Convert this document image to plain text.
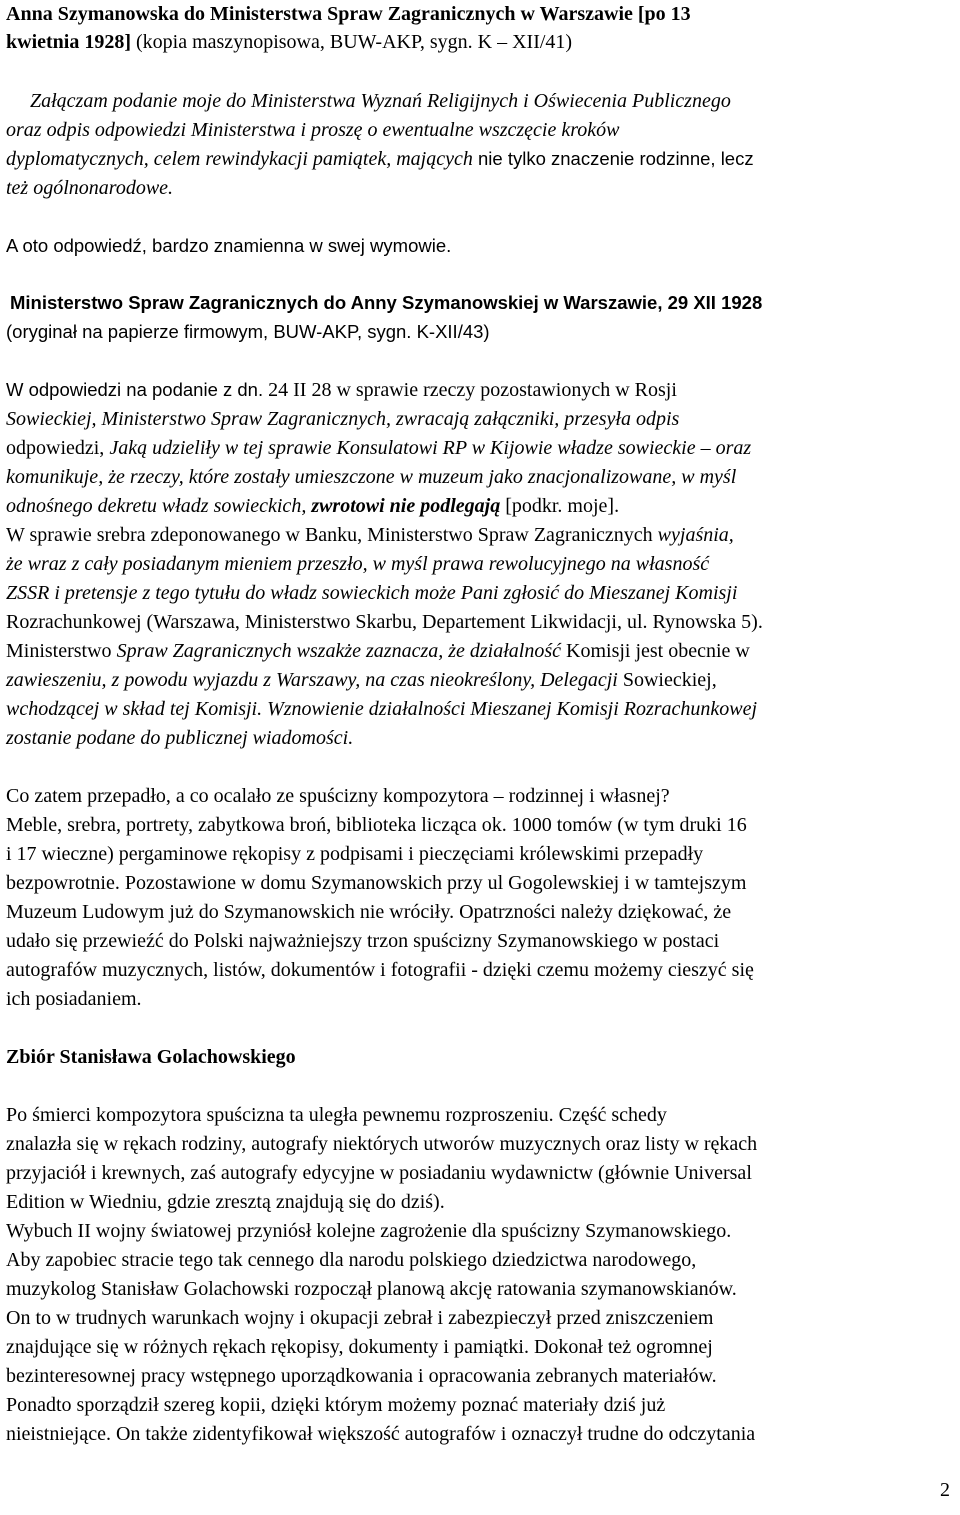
Anna Szymanowska do Ministerstwa Spraw Zagranicznych w Warszawie [po 13
kwietnia 1928] (kopia maszynopisowa, BUW-AKP, sygn. K – XII/41)
Załączam podanie moje do Ministerstwa Wyznań Religijnych i Oświecenia Publicznego
oraz odpis odpowiedzi Ministerstwa i proszę o ewentualne wszczęcie kroków
dyplomatycznych, celem rewindykacji pamiątek, mających nie tylko znaczenie rodzinne, lecz
też ogólnonarodowe.
A oto odpowiedź, bardzo znamienna w swej wymowie.
Ministerstwo Spraw Zagranicznych do Anny Szymanowskiej w Warszawie, 29 XII 1928
(oryginał na papierze firmowym, BUW-AKP, sygn. K-XII/43)
W odpowiedzi na podanie z dn. 24 II 28 w sprawie rzeczy pozostawionych w Rosji
Sowieckiej, Ministerstwo Spraw Zagranicznych, zwracają załączniki, przesyła odpis
odpowiedzi, Jaką udzieliły w tej sprawie Konsulatowi RP w Kijowie władze sowieckie – oraz
komunikuje, że rzeczy, które zostały umieszczone w muzeum jako znacjonalizowane, w myśl
odnośnego dekretu władz sowieckich, zwrotowi nie podlegają [podkr. moje].
W sprawie srebra zdeponowanego w Banku, Ministerstwo Spraw Zagranicznych wyjaśnia,
że wraz z cały posiadanym mieniem przeszło, w myśl prawa rewolucyjnego na własność
ZSSR i pretensje z tego tytułu do władz sowieckich może Pani zgłosić do Mieszanej Komisji
Rozrachunkowej (Warszawa, Ministerstwo Skarbu, Departement Likwidacji, ul. Rynowska 5).
Ministerstwo Spraw Zagranicznych wszakże zaznacza, że działalność Komisji jest obecnie w
zawieszeniu, z powodu wyjazdu z Warszawy, na czas nieokreślony, Delegacji Sowieckiej,
wchodzącej w skład tej Komisji. Wznowienie działalności Mieszanej Komisji Rozrachunkowej
zostanie podane do publicznej wiadomości.
Co zatem przepadło, a co ocalało ze spuścizny kompozytora – rodzinnej i własnej?
Meble, srebra, portrety, zabytkowa broń, biblioteka licząca ok. 1000 tomów (w tym druki 16
i 17 wieczne) pergaminowe rękopisy z podpisami i pieczęciami królewskimi przepadły
bezpowrotnie. Pozostawione w domu Szymanowskich przy ul Gogolewskiej i w tamtejszym
Muzeum Ludowym już do Szymanowskich nie wróciły. Opatrzności należy dziękować, że
udało się przewieźć do Polski najważniejszy trzon spuścizny Szymanowskiego w postaci
autografów muzycznych, listów, dokumentów i fotografii - dzięki czemu możemy cieszyć się
ich posiadaniem.
Zbiór Stanisława Golachowskiego
Po śmierci kompozytora spuścizna ta uległa pewnemu rozproszeniu. Część schedy
znalazła się w rękach rodziny, autografy niektórych utworów muzycznych oraz listy w rękach
przyjaciół i krewnych, zaś autografy edycyjne w posiadaniu wydawnictw (głównie Universal
Edition w Wiedniu, gdzie zresztą znajdują się do dziś).
Wybuch II wojny światowej przyniósł kolejne zagrożenie dla spuścizny Szymanowskiego.
Aby zapobiec stracie tego tak cennego dla narodu polskiego dziedzictwa narodowego,
muzykolog Stanisław Golachowski rozpoczął planową akcję ratowania szymanowskianów.
On to w trudnych warunkach wojny i okupacji zebrał i zabezpieczył przed zniszczeniem
znajdujące się w różnych rękach rękopisy, dokumenty i pamiątki. Dokonał też ogromnej
bezinteresownej pracy wstępnego uporządkowania i opracowania zebranych materiałów.
Ponadto sporządził szereg kopii, dzięki którym możemy poznać materiały dziś już
nieistniejące. On także zidentyfikował większość autografów i oznaczył trudne do odczytania
2
